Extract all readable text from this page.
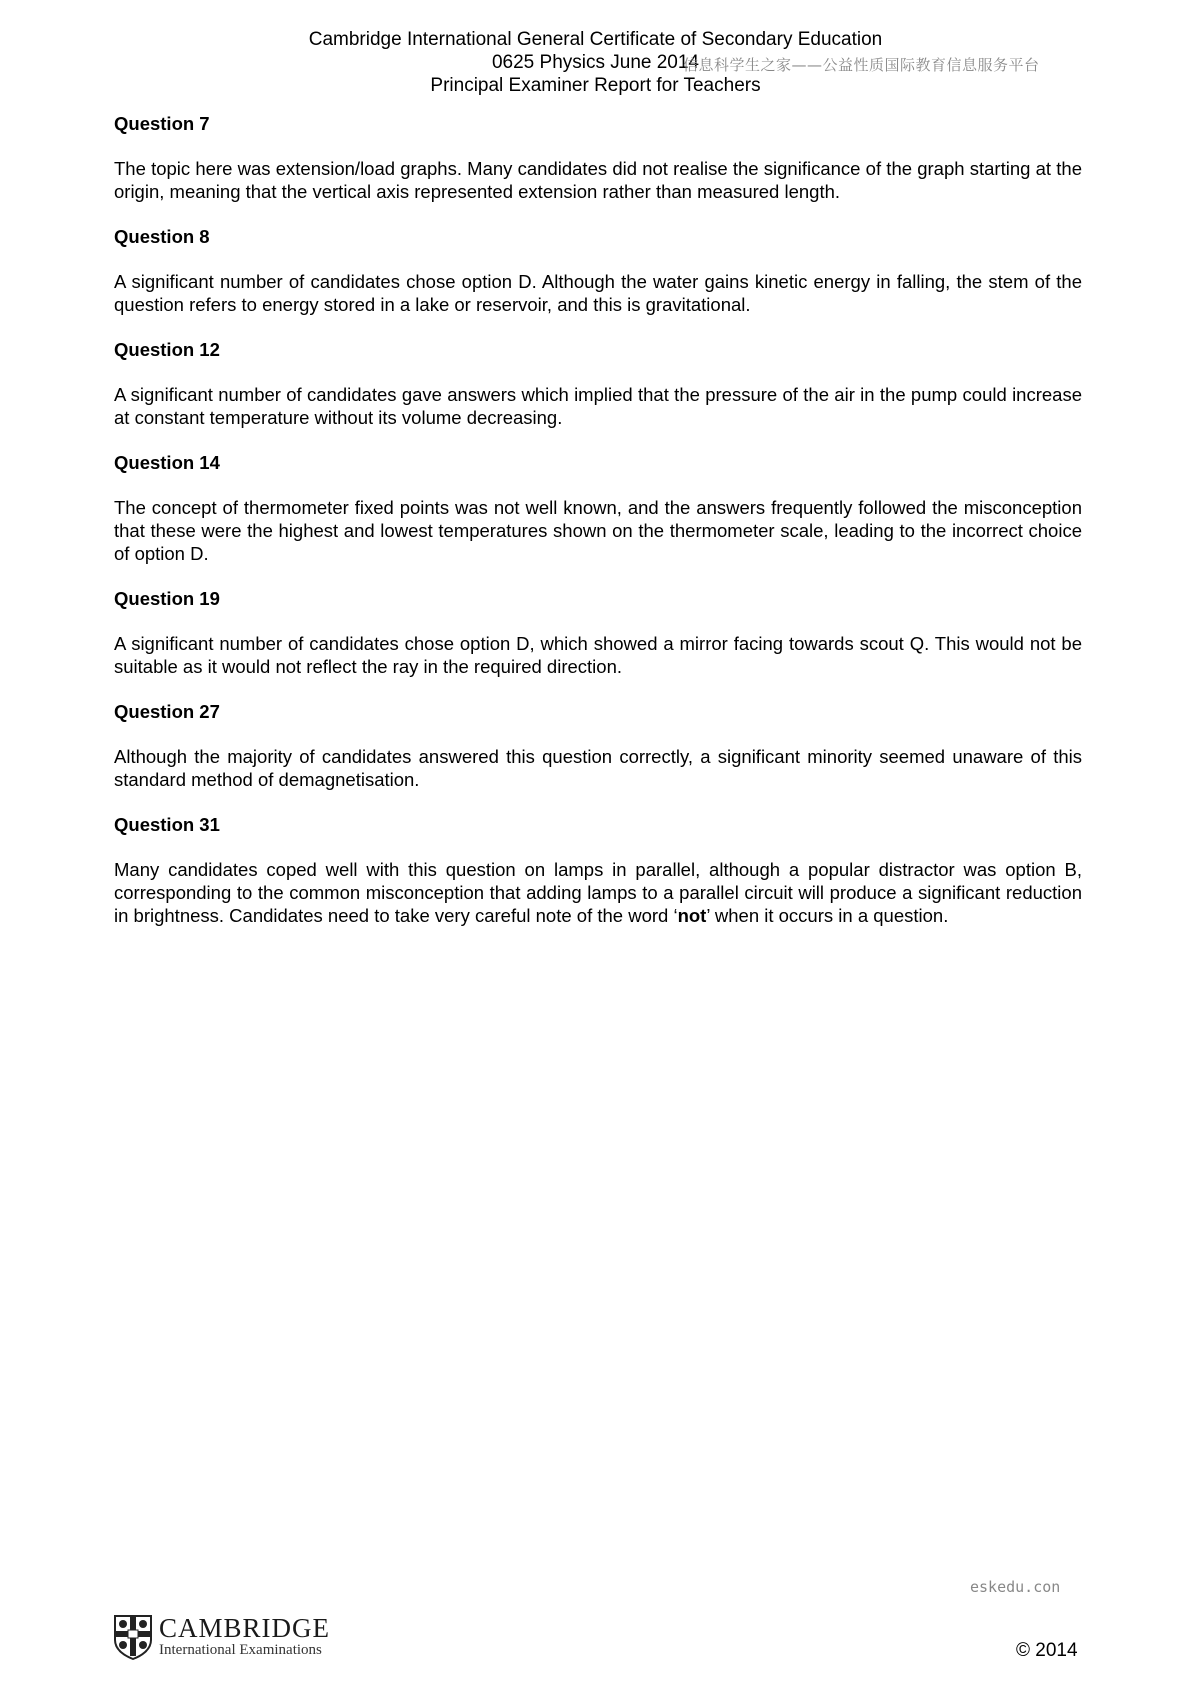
Cambridge International General Certificate of Secondary Education
0625 Physics June 2014
Principal Examiner Report for Teachers
信息科学生之家——公益性质国际教育信息服务平台
Question 7
The topic here was extension/load graphs. Many candidates did not realise the significance of the graph starting at the origin, meaning that the vertical axis represented extension rather than measured length.
Question 8
A significant number of candidates chose option D. Although the water gains kinetic energy in falling, the stem of the question refers to energy stored in a lake or reservoir, and this is gravitational.
Question 12
A significant number of candidates gave answers which implied that the pressure of the air in the pump could increase at constant temperature without its volume decreasing.
Question 14
The concept of thermometer fixed points was not well known, and the answers frequently followed the misconception that these were the highest and lowest temperatures shown on the thermometer scale, leading to the incorrect choice of option D.
Question 19
A significant number of candidates chose option D, which showed a mirror facing towards scout Q. This would not be suitable as it would not reflect the ray in the required direction.
Question 27
Although the majority of candidates answered this question correctly, a significant minority seemed unaware of this standard method of demagnetisation.
Question 31
Many candidates coped well with this question on lamps in parallel, although a popular distractor was option B, corresponding to the common misconception that adding lamps to a parallel circuit will produce a significant reduction in brightness. Candidates need to take very careful note of the word ‘not’ when it occurs in a question.
eskedu.con
CAMBRIDGE
International Examinations	© 2014
